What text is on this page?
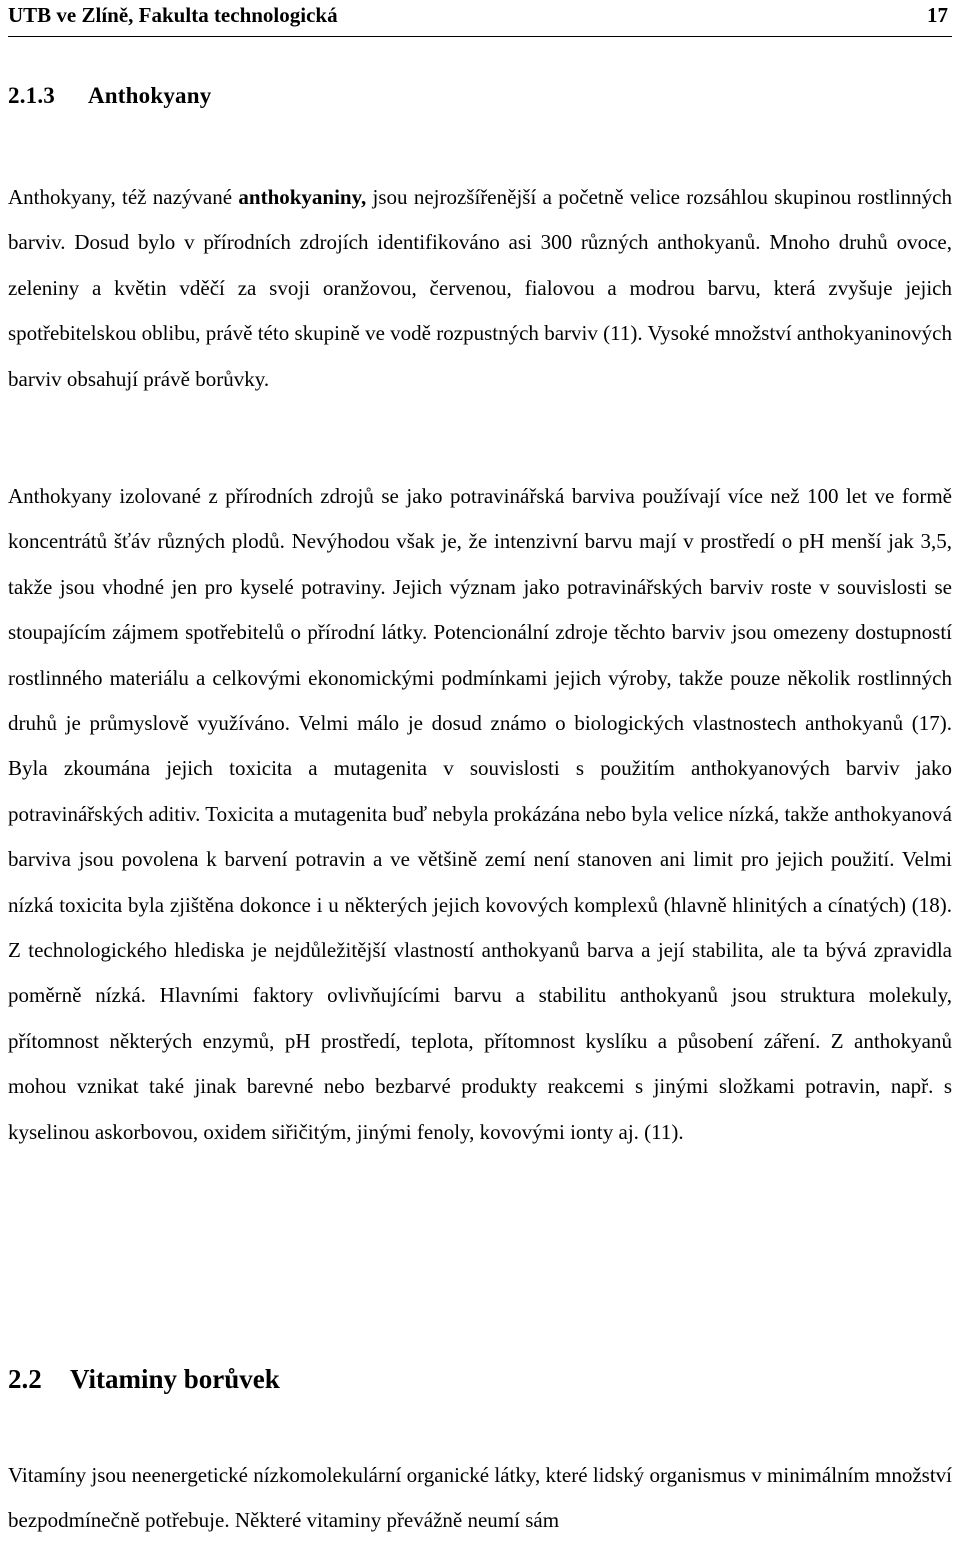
UTB ve Zlíně, Fakulta technologická	17
2.1.3 Anthokyany

Anthokyany, též nazývané anthokyaniny, jsou nejrozšířenější a početně velice rozsáhlou skupinou rostlinných barviv. Dosud bylo v přírodních zdrojích identifikováno asi 300 různých anthokyanů. Mnoho druhů ovoce, zeleniny a květin vděčí za svoji oranžovou, červenou, fialovou a modrou barvu, která zvyšuje jejich spotřebitelskou oblibu, právě této skupině ve vodě rozpustných barviv (11). Vysoké množství anthokyaninových barviv obsahují právě borůvky.

Anthokyany izolované z přírodních zdrojů se jako potravinářská barviva používají více než 100 let ve formě koncentrátů šťáv různých plodů. Nevýhodou však je, že intenzivní barvu mají v prostředí o pH menší jak 3,5, takže jsou vhodné jen pro kyselé potraviny. Jejich význam jako potravinářských barviv roste v souvislosti se stoupajícím zájmem spotřebitelů o přírodní látky. Potencionální zdroje těchto barviv jsou omezeny dostupností rostlinného materiálu a celkovými ekonomickými podmínkami jejich výroby, takže pouze několik rostlinných druhů je průmyslově využíváno. Velmi málo je dosud známo o biologických vlastnostech anthokyanů (17). Byla zkoumána jejich toxicita a mutagenita v souvislosti s použitím anthokyanových barviv jako potravinářských aditiv. Toxicita a mutagenita buď nebyla prokázána nebo byla velice nízká, takže anthokyanová barviva jsou povolena k barvení potravin a ve většině zemí není stanoven ani limit pro jejich použití. Velmi nízká toxicita byla zjištěna dokonce i u některých jejich kovových komplexů (hlavně hlinitých a cínatých) (18). Z technologického hlediska je nejdůležitější vlastností anthokyanů barva a její stabilita, ale ta bývá zpravidla poměrně nízká. Hlavními faktory ovlivňujícími barvu a stabilitu anthokyanů jsou struktura molekuly, přítomnost některých enzymů, pH prostředí, teplota, přítomnost kyslíku a působení záření. Z anthokyanů mohou vznikat také jinak barevné nebo bezbarvé produkty reakcemi s jinými složkami potravin, např. s kyselinou askorbovou, oxidem siřičitým, jinými fenoly, kovovými ionty aj. (11).

2.2 Vitaminy borůvek

Vitamíny jsou neenergetické nízkomolekulární organické látky, které lidský organismus v minimálním množství bezpodmínečně potřebuje. Některé vitaminy převážně neumí sám
